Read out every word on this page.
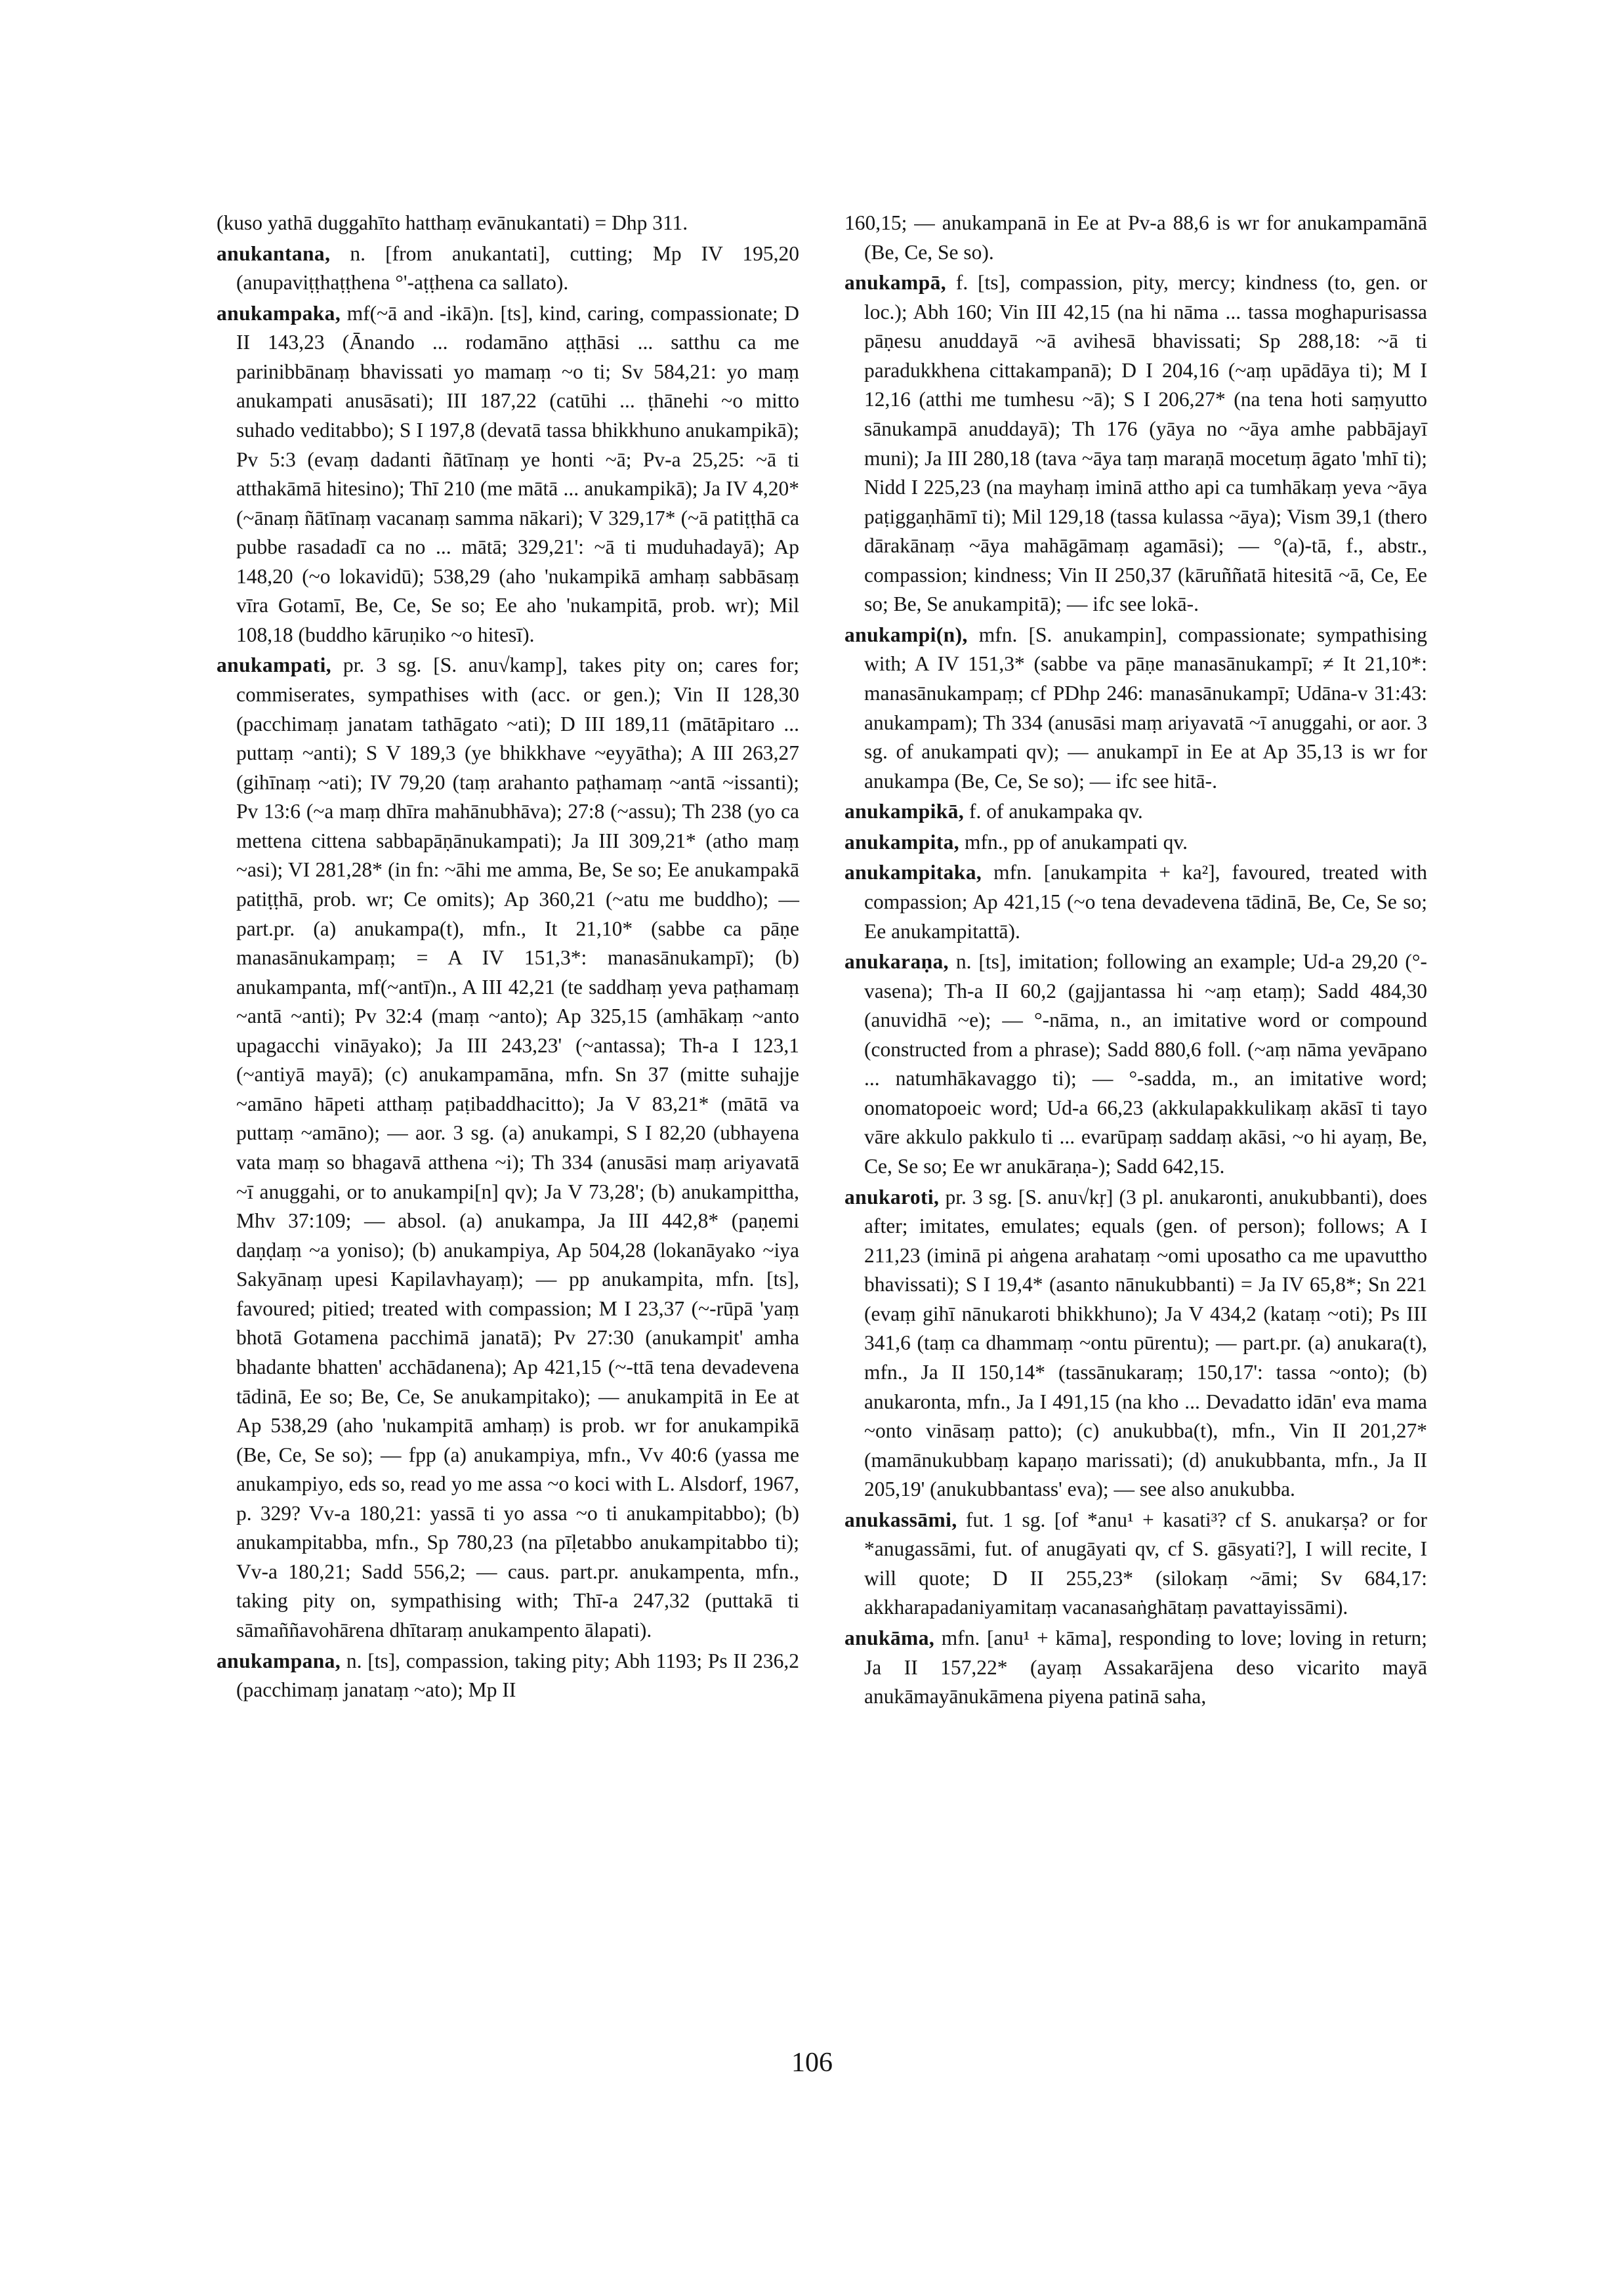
(kuso yathā duggahīto hatthaṃ evānukantati) = Dhp 311.

anukantana, n. [from anukantati], cutting; Mp IV 195,20 (anupaviṭṭhaṭṭhena °'-aṭṭhena ca sallato).

anukampaka, mf(~ā and -ikā)n. [ts], kind, caring, compassionate; D II 143,23 (Ānando ... rodamāno aṭṭhāsi ... satthu ca me parinibbānaṃ bhavissati yo mamaṃ ~o ti; Sv 584,21: yo maṃ anukampati anusāsati); III 187,22 (catūhi ... ṭhānehi ~o mitto suhado veditabbo); S I 197,8 (devatā tassa bhikkhuno anukampikā); Pv 5:3 (evaṃ dadanti ñātīnaṃ ye honti ~ā; Pv-a 25,25: ~ā ti atthakāmā hitesino); Thī 210 (me mātā ... anukampikā); Ja IV 4,20* (~ānaṃ ñātīnaṃ vacanaṃ samma nākari); V 329,17* (~ā patiṭṭhā ca pubbe rasadadī ca no ... mātā; 329,21': ~ā ti muduhadayā); Ap 148,20 (~o lokavidū); 538,29 (aho 'nukampikā amhaṃ sabbāsaṃ vīra Gotamī, Be, Ce, Se so; Ee aho 'nukampitā, prob. wr); Mil 108,18 (buddho kāruṇiko ~o hitesī).

anukampati, pr. 3 sg. [S. anu√kamp], takes pity on; cares for; commiserates, sympathises with (acc. or gen.); Vin II 128,30 (pacchimaṃ janatam tathāgato ~ati); D III 189,11 (mātāpitaro ... puttaṃ ~anti); S V 189,3 (ye bhikkhave ~eyyātha); A III 263,27 (gihīnaṃ ~ati); IV 79,20 (taṃ arahanto paṭhamaṃ ~antā ~issanti); Pv 13:6 (~a maṃ dhīra mahānubhāva); 27:8 (~assu); Th 238 (yo ca mettena cittena sabbapāṇānukampati); Ja III 309,21* (atho maṃ ~asi); VI 281,28* (in fn: ~āhi me amma, Be, Se so; Ee anukampakā patiṭṭhā, prob. wr; Ce omits); Ap 360,21 (~atu me buddho); — part.pr. (a) anukampa(t), mfn., It 21,10* (sabbe ca pāṇe manasānukampaṃ; = A IV 151,3*: manasānukampī); (b) anukampanta, mf(~antī)n., A III 42,21 (te saddhaṃ yeva paṭhamaṃ ~antā ~anti); Pv 32:4 (maṃ ~anto); Ap 325,15 (amhākaṃ ~anto upagacchi vināyako); Ja III 243,23' (~antassa); Th-a I 123,1 (~antiyā mayā); (c) anukampamāna, mfn. Sn 37 (mitte suhajje ~amāno hāpeti atthaṃ paṭibaddhacitto); Ja V 83,21* (mātā va puttaṃ ~amāno); — aor. 3 sg. (a) anukampi, S I 82,20 (ubhayena vata maṃ so bhagavā atthena ~i); Th 334 (anusāsi maṃ ariyavatā ~ī anuggahi, or to anukampi[n] qv); Ja V 73,28'; (b) anukampittha, Mhv 37:109; — absol. (a) anukampa, Ja III 442,8* (paṇemi daṇḍaṃ ~a yoniso); (b) anukampiya, Ap 504,28 (lokanāyako ~iya Sakyānaṃ upesi Kapilavhayaṃ); — pp anukampita, mfn. [ts], favoured; pitied; treated with compassion; M I 23,37 (~-rūpā 'yaṃ bhotā Gotamena pacchimā janatā); Pv 27:30 (anukampit' amha bhadante bhatten' acchādanena); Ap 421,15 (~-ttā tena devadevena tādinā, Ee so; Be, Ce, Se anukampitako); — anukampitā in Ee at Ap 538,29 (aho 'nukampitā amhaṃ) is prob. wr for anukampikā (Be, Ce, Se so); — fpp (a) anukampiya, mfn., Vv 40:6 (yassa me anukampiyo, eds so, read yo me assa ~o koci with L. Alsdorf, 1967, p. 329? Vv-a 180,21: yassā ti yo assa ~o ti anukampitabbo); (b) anukampitabba, mfn., Sp 780,23 (na pīḷetabbo anukampitabbo ti); Vv-a 180,21; Sadd 556,2; — caus. part.pr. anukampenta, mfn., taking pity on, sympathising with; Thī-a 247,32 (puttakā ti sāmaññavohārena dhītaraṃ anukampento ālapati).

anukampana, n. [ts], compassion, taking pity; Abh 1193; Ps II 236,2 (pacchimaṃ janataṃ ~ato); Mp II

160,15; — anukampanā in Ee at Pv-a 88,6 is wr for anukampamānā (Be, Ce, Se so).

anukampā, f. [ts], compassion, pity, mercy; kindness (to, gen. or loc.); Abh 160; Vin III 42,15 (na hi nāma ... tassa moghapurisassa pāṇesu anuddayā ~ā avihesā bhavissati; Sp 288,18: ~ā ti paradukkhena cittakampanā); D I 204,16 (~aṃ upādāya ti); M I 12,16 (atthi me tumhesu ~ā); S I 206,27* (na tena hoti saṃyutto sānukampā anuddayā); Th 176 (yāya no ~āya amhe pabbājayī muni); Ja III 280,18 (tava ~āya taṃ maraṇā mocetuṃ āgato 'mhī ti); Nidd I 225,23 (na mayhaṃ iminā attho api ca tumhākaṃ yeva ~āya paṭiggaṇhāmī ti); Mil 129,18 (tassa kulassa ~āya); Vism 39,1 (thero dārakānaṃ ~āya mahāgāmaṃ agamāsi); — °(a)-tā, f., abstr., compassion; kindness; Vin II 250,37 (kāruññatā hitesitā ~ā, Ce, Ee so; Be, Se anukampitā); — ifc see lokā-.

anukampi(n), mfn. [S. anukampin], compassionate; sympathising with; A IV 151,3* (sabbe va pāṇe manasānukampī; ≠ It 21,10*: manasānukampaṃ; cf PDhp 246: manasānukampī; Udāna-v 31:43: anukampam); Th 334 (anusāsi maṃ ariyavatā ~ī anuggahi, or aor. 3 sg. of anukampati qv); — anukampī in Ee at Ap 35,13 is wr for anukampa (Be, Ce, Se so); — ifc see hitā-.

anukampikā, f. of anukampaka qv.

anukampita, mfn., pp of anukampati qv.

anukampitaka, mfn. [anukampita + ka²], favoured, treated with compassion; Ap 421,15 (~o tena devadevena tādinā, Be, Ce, Se so; Ee anukampitattā).

anukaraṇa, n. [ts], imitation; following an example; Ud-a 29,20 (°-vasena); Th-a II 60,2 (gajjantassa hi ~aṃ etaṃ); Sadd 484,30 (anuvidhā ~e); — °-nāma, n., an imitative word or compound (constructed from a phrase); Sadd 880,6 foll. (~aṃ nāma yevāpano ... natumhākavaggo ti); — °-sadda, m., an imitative word; onomatopoeic word; Ud-a 66,23 (akkulapakkulikaṃ akāsī ti tayo vāre akkulo pakkulo ti ... evarūpaṃ saddaṃ akāsi, ~o hi ayaṃ, Be, Ce, Se so; Ee wr anukāraṇa-); Sadd 642,15.

anukaroti, pr. 3 sg. [S. anu√kṛ] (3 pl. anukaronti, anukubbanti), does after; imitates, emulates; equals (gen. of person); follows; A I 211,23 (iminā pi aṅgena arahataṃ ~omi uposatho ca me upavuttho bhavissati); S I 19,4* (asanto nānukubbanti) = Ja IV 65,8*; Sn 221 (evaṃ gihī nānukaroti bhikkhuno); Ja V 434,2 (kataṃ ~oti); Ps III 341,6 (taṃ ca dhammaṃ ~ontu pūrentu); — part.pr. (a) anukara(t), mfn., Ja II 150,14* (tassānukaraṃ; 150,17': tassa ~onto); (b) anukaronta, mfn., Ja I 491,15 (na kho ... Devadatto idān' eva mama ~onto vināsaṃ patto); (c) anukubba(t), mfn., Vin II 201,27* (mamānukubbaṃ kapaṇo marissati); (d) anukubbanta, mfn., Ja II 205,19' (anukubbantass' eva); — see also anukubba.

anukassāmi, fut. 1 sg. [of *anu¹ + kasati³? cf S. anukarṣa? or for *anugassāmi, fut. of anugāyati qv, cf S. gāsyati?], I will recite, I will quote; D II 255,23* (silokaṃ ~āmi; Sv 684,17: akkharapadaniyamitaṃ vacanasaṅghātaṃ pavattayissāmi).

anukāma, mfn. [anu¹ + kāma], responding to love; loving in return; Ja II 157,22* (ayaṃ Assakarājena deso vicarito mayā anukāmayānukāmena piyena patinā saha,

106
